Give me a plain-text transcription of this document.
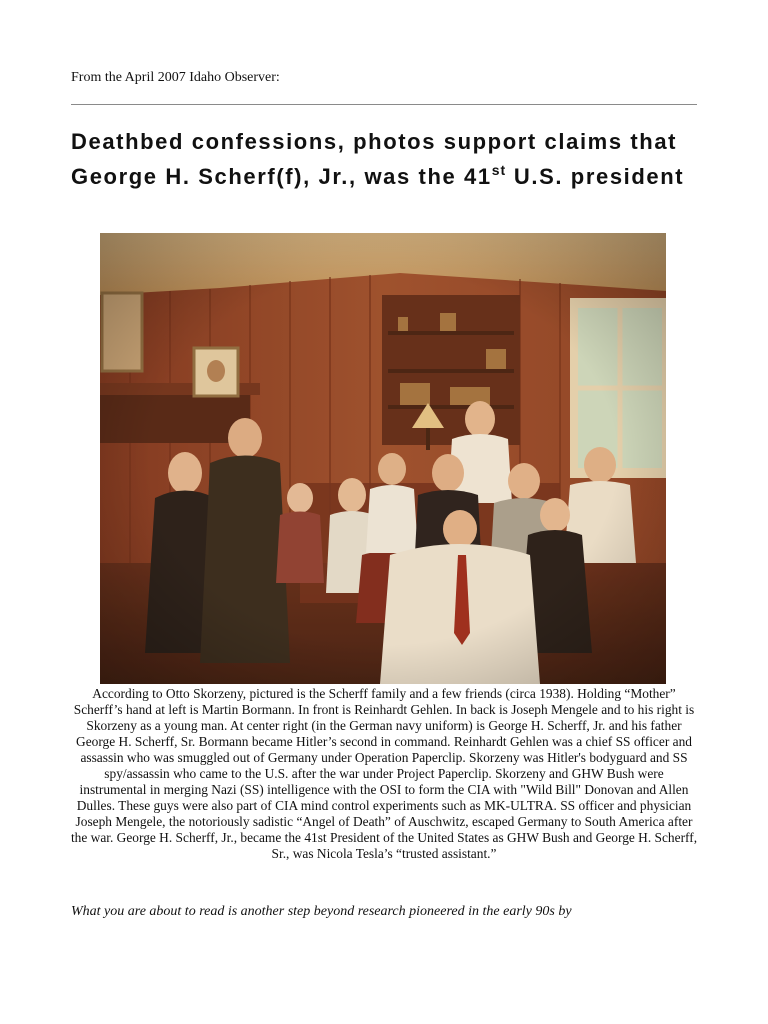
From the April 2007 Idaho Observer:
Deathbed confessions, photos support claims that George H. Scherf(f), Jr., was the 41st U.S. president

According to Otto Skorzeny, pictured is the Scherff family and a few friends (circa 1938). Holding “Mother” Scherff’s hand at left is Martin Bormann. In front is Reinhardt Gehlen. In back is Joseph Mengele and to his right is Skorzeny as a young man. At center right (in the German navy uniform) is George H. Scherff, Jr. and his father George H. Scherff, Sr. Bormann became Hitler’s second in command. Reinhardt Gehlen was a chief SS officer and assassin who was smuggled out of Germany under Operation Paperclip. Skorzeny was Hitler's bodyguard and SS spy/assassin who came to the U.S. after the war under Project Paperclip. Skorzeny and GHW Bush were instrumental in merging Nazi (SS) intelligence with the OSI to form the CIA with "Wild Bill" Donovan and Allen Dulles. These guys were also part of CIA mind control experiments such as MK-ULTRA. SS officer and physician Joseph Mengele, the notoriously sadistic “Angel of Death” of Auschwitz, escaped Germany to South America after the war. George H. Scherff, Jr., became the 41st President of the United States as GHW Bush and George H. Scherff, Sr., was Nicola Tesla’s “trusted assistant.”

What you are about to read is another step beyond research pioneered in the early 90s by
